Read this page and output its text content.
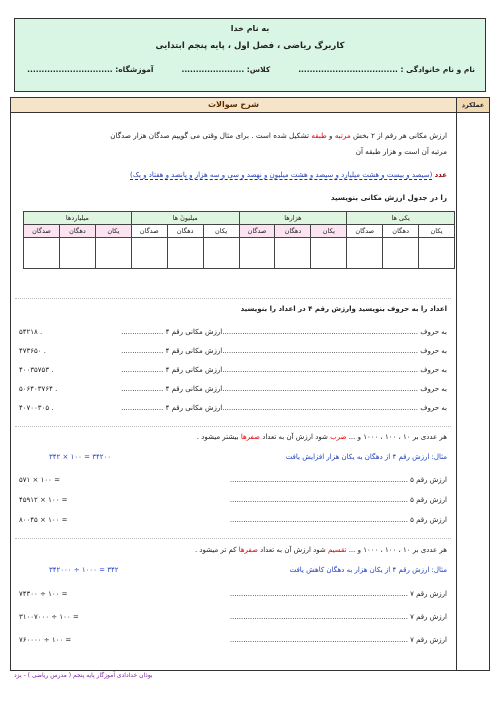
به نام خدا
کاربرگ ریاضی ، فصل اول ، پایه پنجم ابتدایی
نام و نام خانوادگی : ...................................
کلاس: ......................
آموزشگاه: ..............................
شرح سوالات	عملکرد
ارزش مکانی هر رقم از ۲ بخش مرتبه و طبقه تشکیل شده است . برای مثال وقتی می گوییم صدگان هزار صدگان
مرتبه آن است و هزار طبقه آن
عدد (سیصد و بیست و هشت میلیارد و سیصد و هشت میلیون و نهصد و سی و سه هزار و پانصد و هفتاد و یک)
را در جدول ارزش مکانی بنویسید
یکی ها			هزارها			میلیونٔ ها			میلیاردها		
یکان	دهگان	صدگان	یکان	دهگان	صدگان	یکان	دهگان	صدگان	یکان	دهگان	صدگان

اعداد را به حروف بنویسید وارزش رقم ۴ در اعداد را بنویسید
به حروف ........................................................................................ارزش مکانی رقم ۴ ...................
۵۴۲۱۸ .
به حروف ........................................................................................ارزش مکانی رقم ۴ ...................
۴۷۳۶۵۰ .
به حروف ........................................................................................ارزش مکانی رقم ۴ ...................
۴۰۰۳۵۷۵۳ .
به حروف ........................................................................................ارزش مکانی رقم ۴ ...................
۵۰۶۴۰۳۷۶۴ .
به حروف ........................................................................................ارزش مکانی رقم ۴ ...................
۴۰۷۰۰۳۰۵ .
هر عددی بر ۱۰ ، ۱۰۰ ، ۱۰۰۰ و ... ضرب شود ارزش آن به تعداد صفرها بیشتر میشود .
مثال: ارزش رقم ۴ از دهگان به یکان هزار افزایش یافت
۳۴۲ × ۱۰۰ = ۳۴۲۰۰
ارزش رقم ۵ ................................................................................
۵۷۱ × ۱۰۰ =
ارزش رقم ۵ ................................................................................
۴۵۹۱۲ × ۱۰۰ =
ارزش رقم ۵ ................................................................................
۸۰۰۴۵ × ۱۰۰ =
هر عددی بر ۱۰ ، ۱۰۰ ، ۱۰۰۰ و ... تقسیم شود ارزش آن به تعداد صفرها کم تر میشود .
مثال: ارزش رقم ۴ از یکان هزار به دهگان کاهش یافت
۳۴۲۰۰۰ ÷ ۱۰۰۰ = ۳۴۲
ارزش رقم ۷ ................................................................................
۷۴۳۰۰ ÷ ۱۰۰ =
ارزش رقم ۷ ................................................................................
۳۱۰۰۷۰۰۰ ÷ ۱۰۰ =
ارزش رقم ۷ ................................................................................
۷۶۰۰۰۰ ÷ ۱۰۰ =
بوذان خدادادی آموزگار پایه پنجم ( مدرس ریاضی ) - یزد
